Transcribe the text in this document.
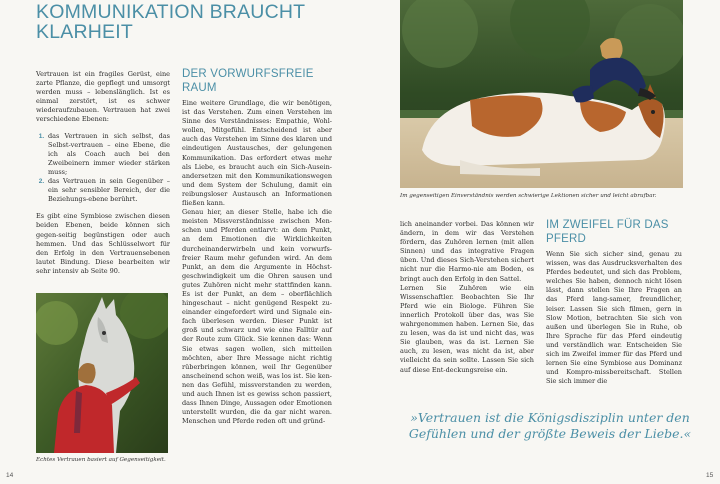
KOMMUNIKATION BRAUCHT KLARHEIT

Vertrauen ist ein fragiles Gerüst, eine zarte Pflanze, die gepflegt und umsorgt werden muss – lebenslänglich. Ist es einmal zerstört, ist es schwer wiederaufzubauen. Vertrauen hat zwei verschiedene Ebenen:

1. das Vertrauen in sich selbst, das Selbst-vertrauen – eine Ebene, die ich als Coach auch bei den Zweibeinern immer wieder stärken muss;
2. das Vertrauen in sein Gegenüber – ein sehr sensibler Bereich, der die Beziehungs-ebene berührt.

Es gibt eine Symbiose zwischen diesen beiden Ebenen, beide können sich gegen-seitig begünstigen oder auch hemmen. Und das Schlüsselwort für den Erfolg in den Vertrauensebenen lautet Bindung. Diese bearbeiten wir sehr intensiv ab Seite 90.

Echtes Vertrauen basiert auf Gegenseitigkeit.
DER VORWURFSFREIE RAUM

Eine weitere Grundlage, die wir benötigen, ist das Verstehen. Zum einen Verstehen im Sinne des Verständnisses: Empathie, Wohl-wollen, Mitgefühl. Entscheidend ist aber auch das Verstehen im Sinne des klaren und eindeutigen Austausches, der gelungenen Kommunikation. Das erfordert etwas mehr als Liebe, es braucht auch ein Sich-Ausein-andersetzen mit den Kommunikationswegen und dem System der Schulung, damit ein reibungsloser Austausch an Informationen fließen kann.

Genau hier, an dieser Stelle, habe ich die meisten Missverständnisse zwischen Men-schen und Pferden entlarvt: an dem Punkt, an dem Emotionen die Wirklichkeiten durcheinanderwirbeln und kein vorwurfs-freier Raum mehr gefunden wird. An dem Punkt, an dem die Argumente in Höchst-geschwindigkeit um die Ohren sausen und gutes Zuhören nicht mehr stattfinden kann. Es ist der Punkt, an dem – oberflächlich hingeschaut – nicht genügend Respekt zu-einander eingefordert wird und Signale ein-fach überlesen werden. Dieser Punkt ist groß und schwarz und wie eine Falltür auf der Route zum Glück. Sie kennen das: Wenn Sie etwas sagen wollen, sich mitteilen möchten, aber Ihre Message nicht richtig rüberbringen können, weil Ihr Gegenüber anscheinend schon weiß, was los ist. Sie ken-nen das Gefühl, missverstanden zu werden, und auch Ihnen ist es gewiss schon passiert, dass Ihnen Dinge, Aussagen oder Emotionen unterstellt wurden, die da gar nicht waren. Menschen und Pferde reden oft und gründ-

14
Im gegenseitigen Einverständnis werden schwierige Lektionen sicher und leicht abrufbar.

lich aneinander vorbei. Das können wir ändern, in dem wir das Verstehen fördern, das Zuhören lernen (mit allen Sinnen) und das integrative Fragen üben. Und dieses Sich-Verstehen sichert nicht nur die Harmo-nie am Boden, es bringt auch den Erfolg in den Sattel.

Lernen Sie Zuhören wie ein Wissenschaftler. Beobachten Sie Ihr Pferd wie ein Biologe. Führen Sie innerlich Protokoll über das, was Sie wahrgenommen haben. Lernen Sie, das zu lesen, was da ist und nicht das, was Sie glauben, was da ist. Lernen Sie auch, zu lesen, was nicht da ist, aber vielleicht da sein sollte. Lassen Sie sich auf diese Ent-deckungsreise ein.

IM ZWEIFEL FÜR DAS PFERD

Wenn Sie sich sicher sind, genau zu wissen, was das Ausdrucksverhalten des Pferdes bedeutet, und sich das Problem, welches Sie haben, dennoch nicht lösen lässt, dann stellen Sie Ihre Fragen an das Pferd lang-samer, freundlicher, leiser. Lassen Sie sich filmen, gern in Slow Motion, betrachten Sie sich von außen und überlegen Sie in Ruhe, ob Ihre Sprache für das Pferd eindeutig und verständlich war. Entscheiden Sie sich im Zweifel immer für das Pferd und lernen Sie eine Symbiose aus Dominanz und Kompro-missbereitschaft. Stellen Sie sich immer die

»Vertrauen ist die Königsdisziplin unter den Gefühlen und der größte Beweis der Liebe.«
15
